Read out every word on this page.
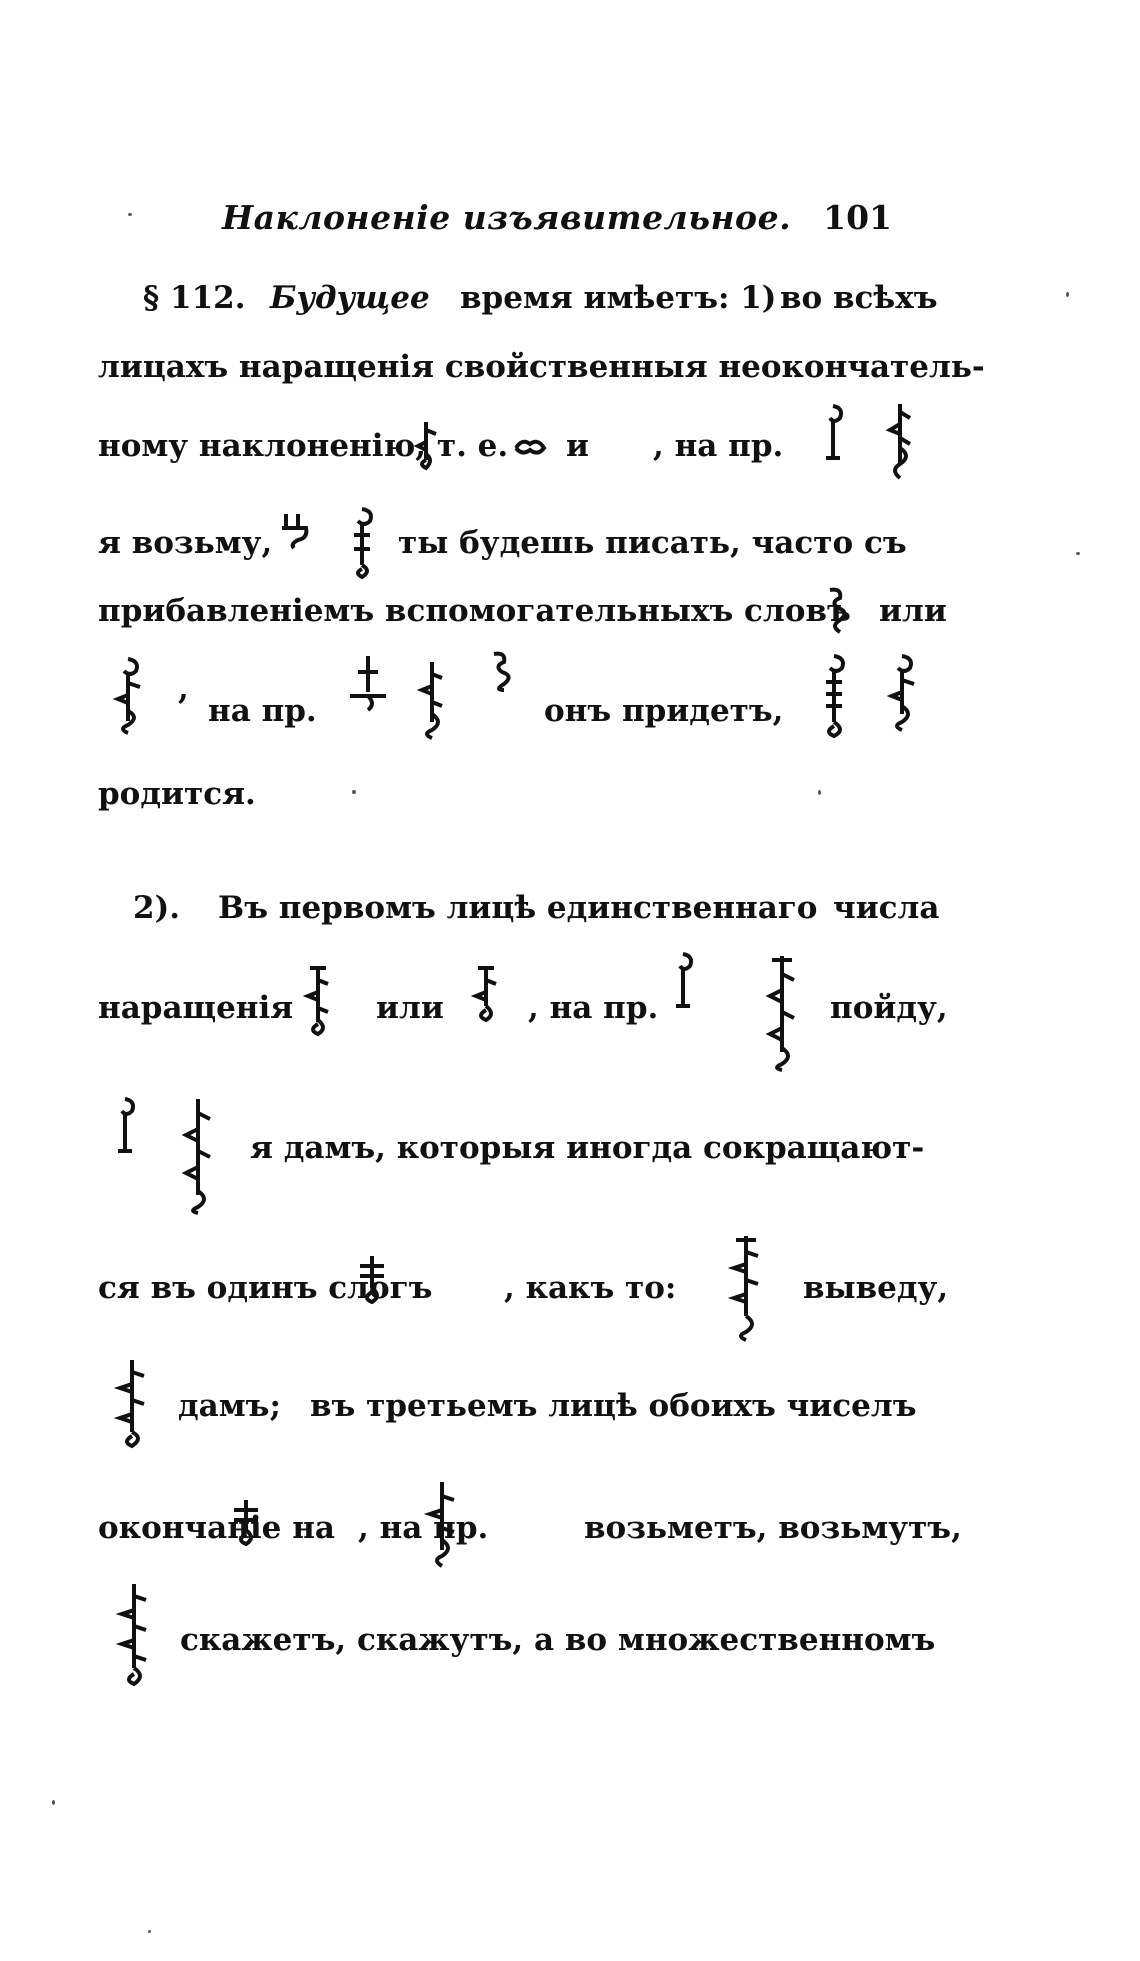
Наклоненіе изъявительное. 101
§ 112. Будущее время имѣетъ: 1) во всѣхъ
лицахъ наращенія свойственныя неокончатель-
ному наклоненію, т. е. и , на пр.
я возьму,	ты будешь писать, часто съ
прибавленіемъ вспомогательныхъ словъ или
,
на пр.	онъ придетъ,
родится.
2). Въ первомъ лицѣ единственнаго числа
наращенія	или	, на пр.	пойду,
я дамъ, которыя иногда сокращают-
ся въ одинъ слогъ , какъ то:	выведу,
дамъ; въ третьемъ лицѣ обоихъ чиселъ
окончаніе на , на пр.	возьметъ, возьмутъ,
скажетъ, скажутъ, а во множественномъ
